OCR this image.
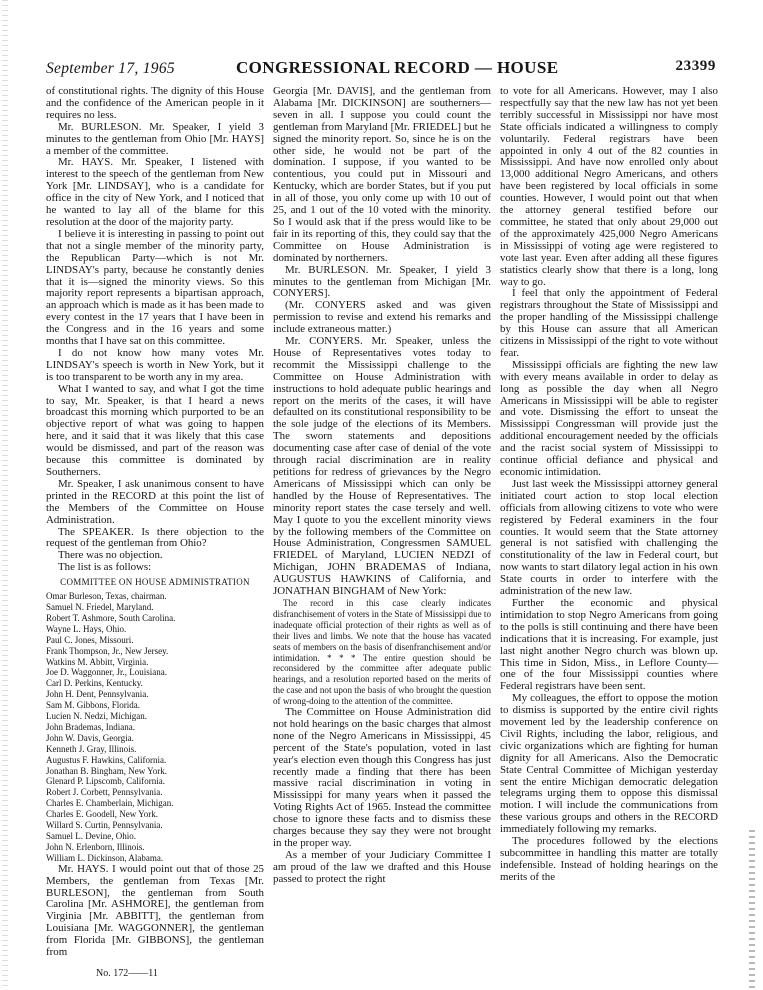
September 17, 1965	CONGRESSIONAL RECORD — HOUSE	23399

of constitutional rights. The dignity of this House and the confidence of the American people in it requires no less.

Mr. BURLESON. Mr. Speaker, I yield 3 minutes to the gentleman from Ohio [Mr. HAYS] a member of the committee.

Mr. HAYS. Mr. Speaker, I listened with interest to the speech of the gentleman from New York [Mr. LINDSAY], who is a candidate for office in the city of New York, and I noticed that he wanted to lay all of the blame for this resolution at the door of the majority party.

I believe it is interesting in passing to point out that not a single member of the minority party, the Republican Party—which is not Mr. LINDSAY's party, because he constantly denies that it is—signed the minority views. So this majority report represents a bipartisan approach, an approach which is made as it has been made to every contest in the 17 years that I have been in the Congress and in the 16 years and some months that I have sat on this committee.

I do not know how many votes Mr. LINDSAY's speech is worth in New York, but it is too transparent to be worth any in my area.

What I wanted to say, and what I got the time to say, Mr. Speaker, is that I heard a news broadcast this morning which purported to be an objective report of what was going to happen here, and it said that it was likely that this case would be dismissed, and part of the reason was because this committee is dominated by Southerners.

Mr. Speaker, I ask unanimous consent to have printed in the RECORD at this point the list of the Members of the Committee on House Administration.

The SPEAKER. Is there objection to the request of the gentleman from Ohio?

There was no objection.

The list is as follows:

COMMITTEE ON HOUSE ADMINISTRATION
Omar Burleson, Texas, chairman.
Samuel N. Friedel, Maryland.
Robert T. Ashmore, South Carolina.
Wayne L. Hays, Ohio.
Paul C. Jones, Missouri.
Frank Thompson, Jr., New Jersey.
Watkins M. Abbitt, Virginia.
Joe D. Waggonner, Jr., Louisiana.
Carl D. Perkins, Kentucky.
John H. Dent, Pennsylvania.
Sam M. Gibbons, Florida.
Lucien N. Nedzi, Michigan.
John Brademas, Indiana.
John W. Davis, Georgia.
Kenneth J. Gray, Illinois.
Augustus F. Hawkins, California.
Jonathan B. Bingham, New York.
Glenard P. Lipscomb, California.
Robert J. Corbett, Pennsylvania.
Charles E. Chamberlain, Michigan.
Charles E. Goodell, New York.
Willard S. Curtin, Pennsylvania.
Samuel L. Devine, Ohio.
John N. Erlenborn, Illinois.
William L. Dickinson, Alabama.

Mr. HAYS. I would point out that of those 25 Members, the gentleman from Texas [Mr. BURLESON], the gentleman from South Carolina [Mr. ASHMORE], the gentleman from Virginia [Mr. ABBITT], the gentleman from Louisiana [Mr. WAGGONNER], the gentleman from Florida [Mr. GIBBONS], the gentleman from

Georgia [Mr. DAVIS], and the gentleman from Alabama [Mr. DICKINSON] are southerners—seven in all. I suppose you could count the gentleman from Maryland [Mr. FRIEDEL] but he signed the minority report. So, since he is on the other side, he would not be part of the domination. I suppose, if you wanted to be contentious, you could put in Missouri and Kentucky, which are border States, but if you put in all of those, you only come up with 10 out of 25, and 1 out of the 10 voted with the minority. So I would ask that if the press would like to be fair in its reporting of this, they could say that the Committee on House Administration is dominated by northerners.

Mr. BURLESON. Mr. Speaker, I yield 3 minutes to the gentleman from Michigan [Mr. CONYERS].

(Mr. CONYERS asked and was given permission to revise and extend his remarks and include extraneous matter.)

Mr. CONYERS. Mr. Speaker, unless the House of Representatives votes today to recommit the Mississippi challenge to the Committee on House Administration with instructions to hold adequate public hearings and report on the merits of the cases, it will have defaulted on its constitutional responsibility to be the sole judge of the elections of its Members. The sworn statements and depositions documenting case after case of denial of the vote through racial discrimination are in reality petitions for redress of grievances by the Negro Americans of Mississippi which can only be handled by the House of Representatives. The minority report states the case tersely and well. May I quote to you the excellent minority views by the following members of the Committee on House Administration, Congressmen SAMUEL FRIEDEL of Maryland, LUCIEN NEDZI of Michigan, JOHN BRADEMAS of Indiana, AUGUSTUS HAWKINS of California, and JONATHAN BINGHAM of New York:

The record in this case clearly indicates disfranchisement of voters in the State of Mississippi due to inadequate official protection of their rights as well as of their lives and limbs. We note that the house has vacated seats of members on the basis of disenfranchisement and/or intimidation. * * * The entire question should be reconsidered by the committee after adequate public hearings, and a resolution reported based on the merits of the case and not upon the basis of who brought the question of wrong-doing to the attention of the committee.

The Committee on House Administration did not hold hearings on the basic charges that almost none of the Negro Americans in Mississippi, 45 percent of the State's population, voted in last year's election even though this Congress has just recently made a finding that there has been massive racial discrimination in voting in Mississippi for many years when it passed the Voting Rights Act of 1965. Instead the committee chose to ignore these facts and to dismiss these charges because they say they were not brought in the proper way.

As a member of your Judiciary Committee I am proud of the law we drafted and this House passed to protect the right

to vote for all Americans. However, may I also respectfully say that the new law has not yet been terribly successful in Mississippi nor have most State officials indicated a willingness to comply voluntarily. Federal registrars have been appointed in only 4 out of the 82 counties in Mississippi. And have now enrolled only about 13,000 additional Negro Americans, and others have been registered by local officials in some counties. However, I would point out that when the attorney general testified before our committee, he stated that only about 29,000 out of the approximately 425,000 Negro Americans in Mississippi of voting age were registered to vote last year. Even after adding all these figures statistics clearly show that there is a long, long way to go.

I feel that only the appointment of Federal registrars throughout the State of Mississippi and the proper handling of the Mississippi challenge by this House can assure that all American citizens in Mississippi of the right to vote without fear.

Mississippi officials are fighting the new law with every means available in order to delay as long as possible the day when all Negro Americans in Mississippi will be able to register and vote. Dismissing the effort to unseat the Mississippi Congressman will provide just the additional encouragement needed by the officials and the racist social system of Mississippi to continue official defiance and physical and economic intimidation.

Just last week the Mississippi attorney general initiated court action to stop local election officials from allowing citizens to vote who were registered by Federal examiners in the four counties. It would seem that the State attorney general is not satisfied with challenging the constitutionality of the law in Federal court, but now wants to start dilatory legal action in his own State courts in order to interfere with the administration of the new law.

Further the economic and physical intimidation to stop Negro Americans from going to the polls is still continuing and there have been indications that it is increasing. For example, just last night another Negro church was blown up. This time in Sidon, Miss., in Leflore County—one of the four Mississippi counties where Federal registrars have been sent.

My colleagues, the effort to oppose the motion to dismiss is supported by the entire civil rights movement led by the leadership conference on Civil Rights, including the labor, religious, and civic organizations which are fighting for human dignity for all Americans. Also the Democratic State Central Committee of Michigan yesterday sent the entire Michigan democratic delegation telegrams urging them to oppose this dismissal motion. I will include the communications from these various groups and others in the RECORD immediately following my remarks.

The procedures followed by the elections subcommittee in handling this matter are totally indefensible. Instead of holding hearings on the merits of the

No. 172——11
